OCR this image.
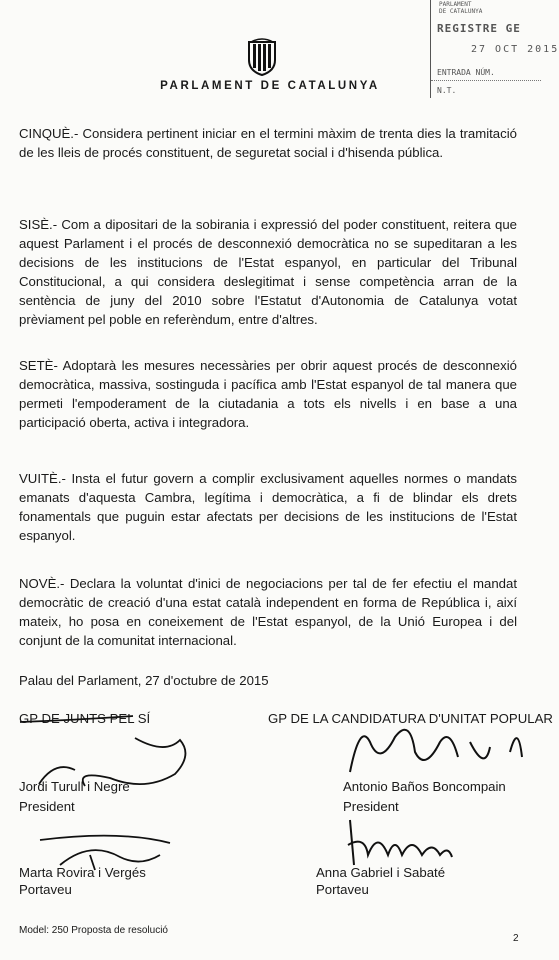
PARLAMENT DE CATALUNYA
PARLAMENT
DE CATALUNYA
REGISTRE GE
27 OCT 2015
ENTRADA NÚM.
N.T.
CINQUÈ.- Considera pertinent iniciar en el termini màxim de trenta dies la tramitació de les lleis de procés constituent, de seguretat social i d'hisenda pública.
SISÈ.- Com a dipositari de la sobirania i expressió del poder constituent, reitera que aquest Parlament i el procés de desconnexió democràtica no se supeditaran a les decisions de les institucions de l'Estat espanyol, en particular del Tribunal Constitucional, a qui considera deslegitimat i sense competència arran de la sentència de juny del 2010 sobre l'Estatut d'Autonomia de Catalunya votat prèviament pel poble en referèndum, entre d'altres.
SETÈ- Adoptarà les mesures necessàries per obrir aquest procés de desconnexió democràtica, massiva, sostinguda i pacífica amb l'Estat espanyol de tal manera que permeti l'empoderament de la ciutadania a tots els nivells i en base a una participació oberta, activa i integradora.
VUITÈ.- Insta el futur govern a complir exclusivament aquelles normes o mandats emanats d'aquesta Cambra, legítima i democràtica, a fi de blindar els drets fonamentals que puguin estar afectats per decisions de les institucions de l'Estat espanyol.
NOVÈ.- Declara la voluntat d'inici de negociacions per tal de fer efectiu el mandat democràtic de creació d'una estat català independent en forma de República i, així mateix, ho posa en coneixement de l'Estat espanyol, de la Unió Europea i del conjunt de la comunitat internacional.
Palau del Parlament, 27 d'octubre de 2015
GP DE JUNTS PEL SÍ	GP DE LA CANDIDATURA D'UNITAT POPULAR
Jordi Turull i Negre
President
Antonio Baños Boncompain
President
Marta Rovira i Vergés
Portaveu
Anna Gabriel i Sabaté
Portaveu
Model: 250 Proposta de resolució
2
